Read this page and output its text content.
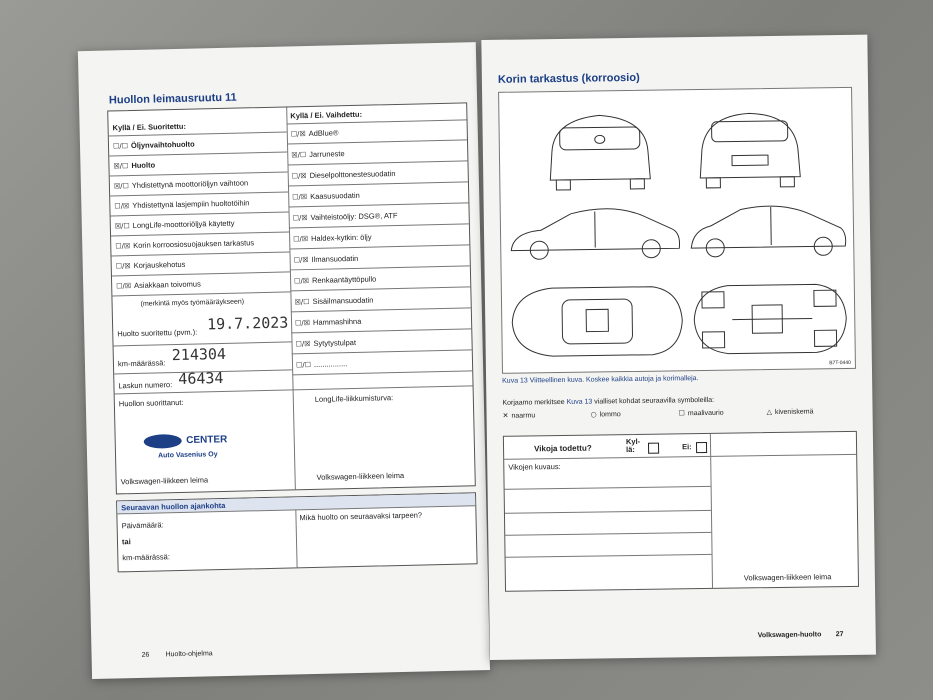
Huollon leimausruutu 11
Kyllä / Ei. Suoritettu:
Kyllä / Ei. Vaihdettu:
☐/☐ Öljynvaihtohuolto
☒/☐ Huolto
☒/☐ Yhdistettynä moottoriöljyn vaihtoon
☐/☒ Yhdistettynä lasjempiin huoltotöihin
☒/☐ LongLife-moottoriöljyä käytetty
☐/☒ Korin korroosiosuojauksen tarkastus
☐/☒ Korjauskehotus
☐/☒ Asiakkaan toivomus
(merkintä myös työmääräykseen)
☐/☒ AdBlue®
☒/☐ Jarruneste
☐/☒ Dieselpolttonestesuodatin
☐/☒ Kaasusuodatin
☐/☒ Vaihteistoöljy: DSG®, ATF
☐/☒ Haldex-kytkin: öljy
☐/☒ Ilmansuodatin
☐/☒ Renkaantäyttöpullo
☒/☐ Sisäilmansuodatin
☐/☒ Hammashihna
☐/☒ Sytytystulpat
☐/☐ ................
Huolto suoritettu (pvm.): 19.7.2023
km-määrässä: 214304
Laskun numero: 46434
Huollon suorittanut:	LongLife-liikkumisturva:
CENTER
Auto Vasenius Oy
Volkswagen-liikkeen leima	Volkswagen-liikkeen leima
Seuraavan huollon ajankohta
Päivämäärä:
tai
km-määrässä:
Mikä huolto on seuraavaksi tarpeen?
26 Huolto-ohjelma
Korin tarkastus (korroosio)
B7T-0440
Kuva 13 Viitteellinen kuva. Koskee kaikkia autoja ja korimalleja.
Korjaamo merkitsee Kuva 13 vialliset kohdat seuraavilla symboleilla:
✕ naarmu	○ lommo	☐ maalivaurio	△ kiveniskemä
Vikoja todettu?
Kyl-
lä:	Ei:
Vikojen kuvaus:
Volkswagen-liikkeen leima
Volkswagen-huolto 27
